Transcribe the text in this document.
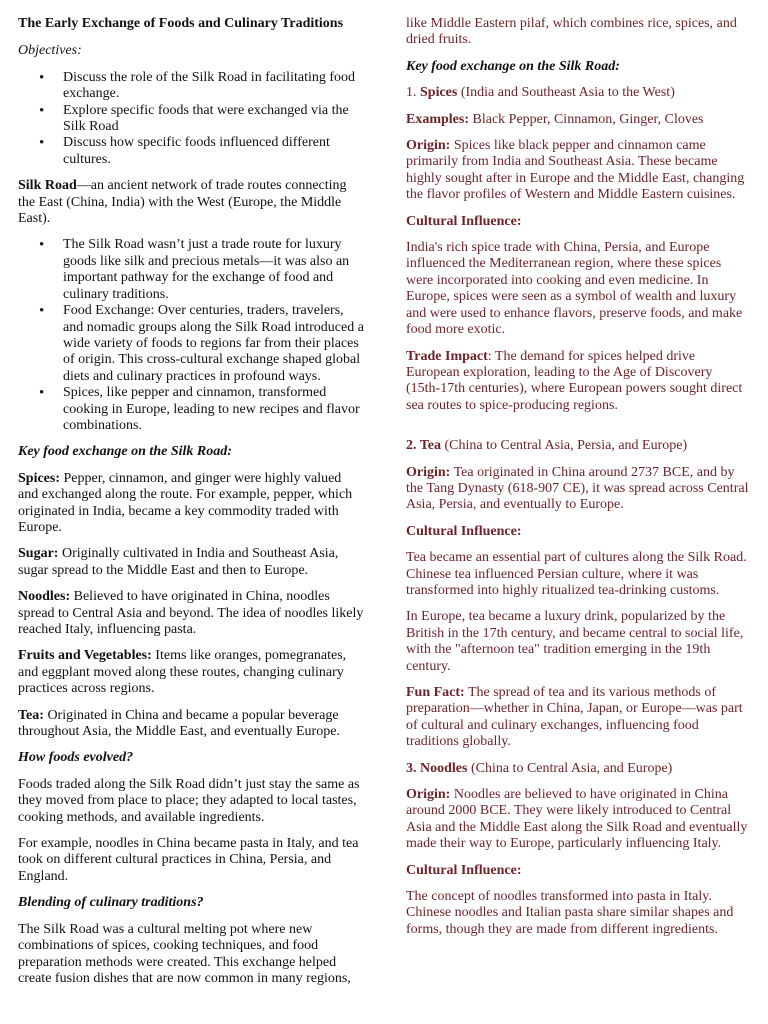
The Early Exchange of Foods and Culinary Traditions

Objectives:

• Discuss the role of the Silk Road in facilitating food exchange.
• Explore specific foods that were exchanged via the Silk Road
• Discuss how specific foods influenced different cultures.

Silk Road—an ancient network of trade routes connecting the East (China, India) with the West (Europe, the Middle East).

• The Silk Road wasn’t just a trade route for luxury goods like silk and precious metals—it was also an important pathway for the exchange of food and culinary traditions.
• Food Exchange: Over centuries, traders, travelers, and nomadic groups along the Silk Road introduced a wide variety of foods to regions far from their places of origin. This cross-cultural exchange shaped global diets and culinary practices in profound ways.
• Spices, like pepper and cinnamon, transformed cooking in Europe, leading to new recipes and flavor combinations.

Key food exchange on the Silk Road:

Spices: Pepper, cinnamon, and ginger were highly valued and exchanged along the route. For example, pepper, which originated in India, became a key commodity traded with Europe.

Sugar: Originally cultivated in India and Southeast Asia, sugar spread to the Middle East and then to Europe.

Noodles: Believed to have originated in China, noodles spread to Central Asia and beyond. The idea of noodles likely reached Italy, influencing pasta.

Fruits and Vegetables: Items like oranges, pomegranates, and eggplant moved along these routes, changing culinary practices across regions.

Tea: Originated in China and became a popular beverage throughout Asia, the Middle East, and eventually Europe.

How foods evolved?

Foods traded along the Silk Road didn’t just stay the same as they moved from place to place; they adapted to local tastes, cooking methods, and available ingredients.

For example, noodles in China became pasta in Italy, and tea took on different cultural practices in China, Persia, and England.

Blending of culinary traditions?

The Silk Road was a cultural melting pot where new combinations of spices, cooking techniques, and food preparation methods were created. This exchange helped create fusion dishes that are now common in many regions,

like Middle Eastern pilaf, which combines rice, spices, and dried fruits.

Key food exchange on the Silk Road:

1. Spices (India and Southeast Asia to the West)

Examples: Black Pepper, Cinnamon, Ginger, Cloves

Origin: Spices like black pepper and cinnamon came primarily from India and Southeast Asia. These became highly sought after in Europe and the Middle East, changing the flavor profiles of Western and Middle Eastern cuisines.

Cultural Influence:

India's rich spice trade with China, Persia, and Europe influenced the Mediterranean region, where these spices were incorporated into cooking and even medicine. In Europe, spices were seen as a symbol of wealth and luxury and were used to enhance flavors, preserve foods, and make food more exotic.

Trade Impact: The demand for spices helped drive European exploration, leading to the Age of Discovery (15th-17th centuries), where European powers sought direct sea routes to spice-producing regions.

2. Tea (China to Central Asia, Persia, and Europe)

Origin: Tea originated in China around 2737 BCE, and by the Tang Dynasty (618-907 CE), it was spread across Central Asia, Persia, and eventually to Europe.

Cultural Influence:

Tea became an essential part of cultures along the Silk Road. Chinese tea influenced Persian culture, where it was transformed into highly ritualized tea-drinking customs.

In Europe, tea became a luxury drink, popularized by the British in the 17th century, and became central to social life, with the "afternoon tea" tradition emerging in the 19th century.

Fun Fact: The spread of tea and its various methods of preparation—whether in China, Japan, or Europe—was part of cultural and culinary exchanges, influencing food traditions globally.

3. Noodles (China to Central Asia, and Europe)

Origin: Noodles are believed to have originated in China around 2000 BCE. They were likely introduced to Central Asia and the Middle East along the Silk Road and eventually made their way to Europe, particularly influencing Italy.

Cultural Influence:

The concept of noodles transformed into pasta in Italy. Chinese noodles and Italian pasta share similar shapes and forms, though they are made from different ingredients.
